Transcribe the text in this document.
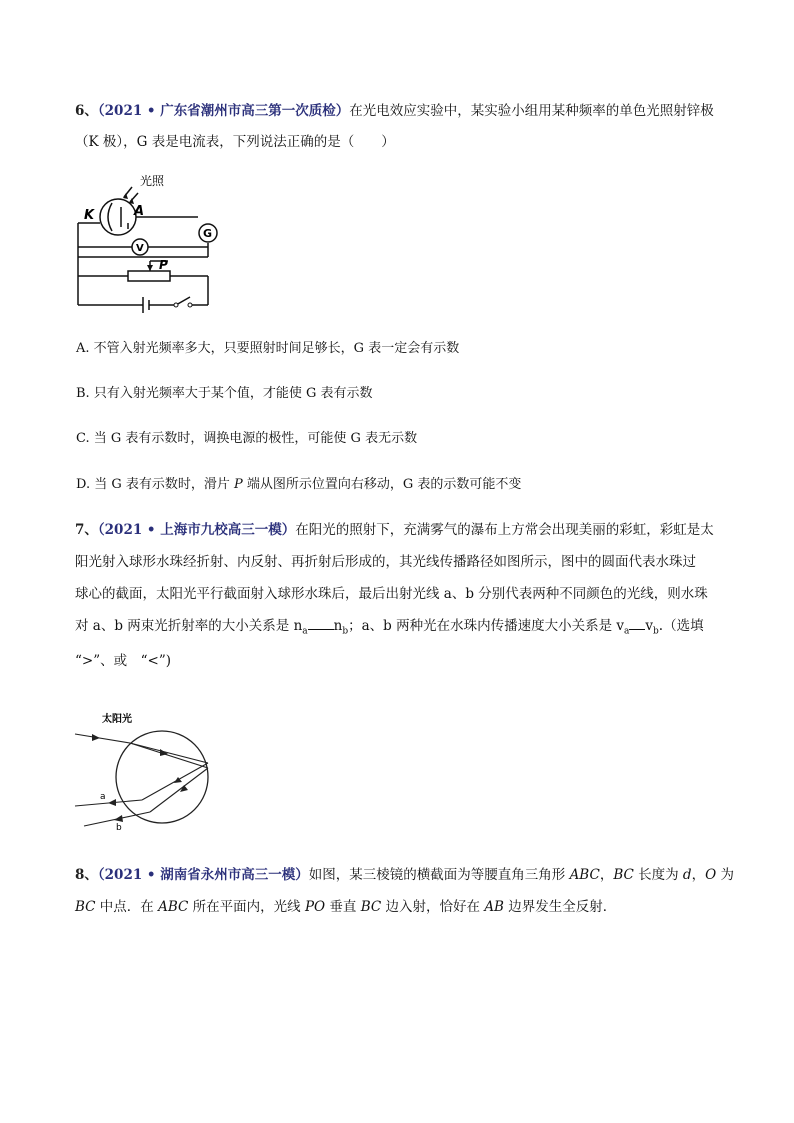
6、（2021 • 广东省潮州市高三第一次质检）在光电效应实验中，某实验小组用某种频率的单色光照射锌极
（K 极），G 表是电流表，下列说法正确的是（　　）
光照
K	A
V
G
P
A. 不管入射光频率多大，只要照射时间足够长，G 表一定会有示数
B. 只有入射光频率大于某个值，才能使 G 表有示数
C. 当 G 表有示数时，调换电源的极性，可能使 G 表无示数
D. 当 G 表有示数时，滑片 P 端从图所示位置向右移动，G 表的示数可能不变
7、（2021 • 上海市九校高三一模）在阳光的照射下，充满雾气的瀑布上方常会出现美丽的彩虹，彩虹是太
阳光射入球形水珠经折射、内反射、再折射后形成的，其光线传播路径如图所示，图中的圆面代表水珠过
球心的截面，太阳光平行截面射入球形水珠后，最后出射光线 a、b 分别代表两种不同颜色的光线，则水珠
对 a、b 两束光折射率的大小关系是 $n_a$ $n_b$；a、b 两种光在水珠内传播速度大小关系是 $v_a$ $v_b$.（选填
“>”、或　“<”)
太阳光
a
b
8、（2021 • 湖南省永州市高三一模）如图，某三棱镜的横截面为等腰直角三角形 ABC，BC 长度为 d，O 为
BC 中点．在 ABC 所在平面内，光线 PO 垂直 BC 边入射，恰好在 AB 边界发生全反射．
